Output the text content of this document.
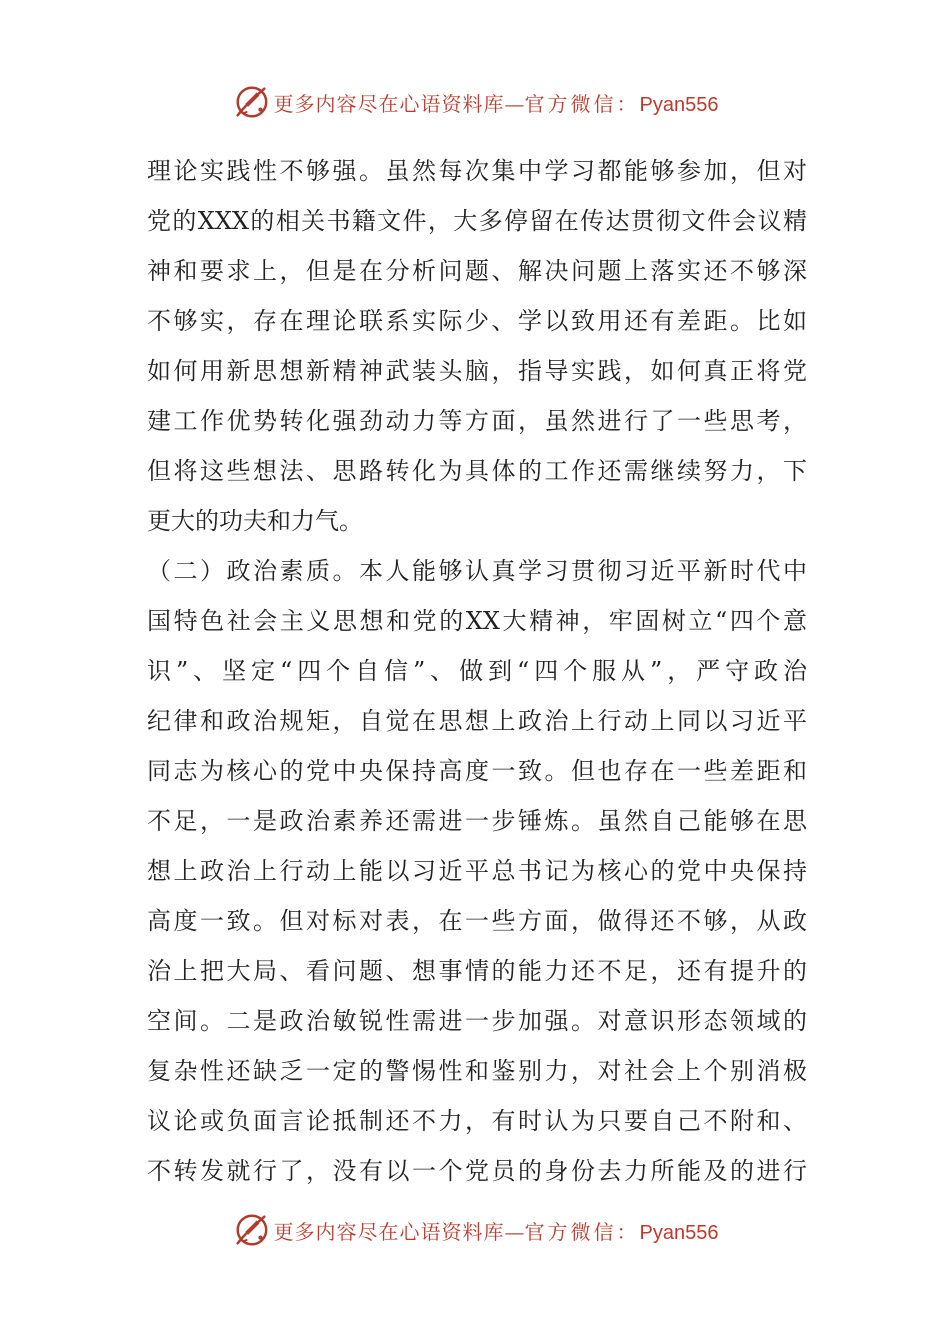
更多内容尽在心语资料库—官方微信：Pyan556
理论实践性不够强。虽然每次集中学习都能够参加，但对
党的XXX的相关书籍文件，大多停留在传达贯彻文件会议精
神和要求上，但是在分析问题、解决问题上落实还不够深
不够实，存在理论联系实际少、学以致用还有差距。比如
如何用新思想新精神武装头脑，指导实践，如何真正将党
建工作优势转化强劲动力等方面，虽然进行了一些思考，
但将这些想法、思路转化为具体的工作还需继续努力，下
更大的功夫和力气。
（二）政治素质。本人能够认真学习贯彻习近平新时代中
国特色社会主义思想和党的XX大精神，牢固树立“四个意
识”、坚定“四个自信”、做到“四个服从”，严守政治
纪律和政治规矩，自觉在思想上政治上行动上同以习近平
同志为核心的党中央保持高度一致。但也存在一些差距和
不足，一是政治素养还需进一步锤炼。虽然自己能够在思
想上政治上行动上能以习近平总书记为核心的党中央保持
高度一致。但对标对表，在一些方面，做得还不够，从政
治上把大局、看问题、想事情的能力还不足，还有提升的
空间。二是政治敏锐性需进一步加强。对意识形态领域的
复杂性还缺乏一定的警惕性和鉴别力，对社会上个别消极
议论或负面言论抵制还不力，有时认为只要自己不附和、
不转发就行了，没有以一个党员的身份去力所能及的进行
更多内容尽在心语资料库—官方微信：Pyan556
